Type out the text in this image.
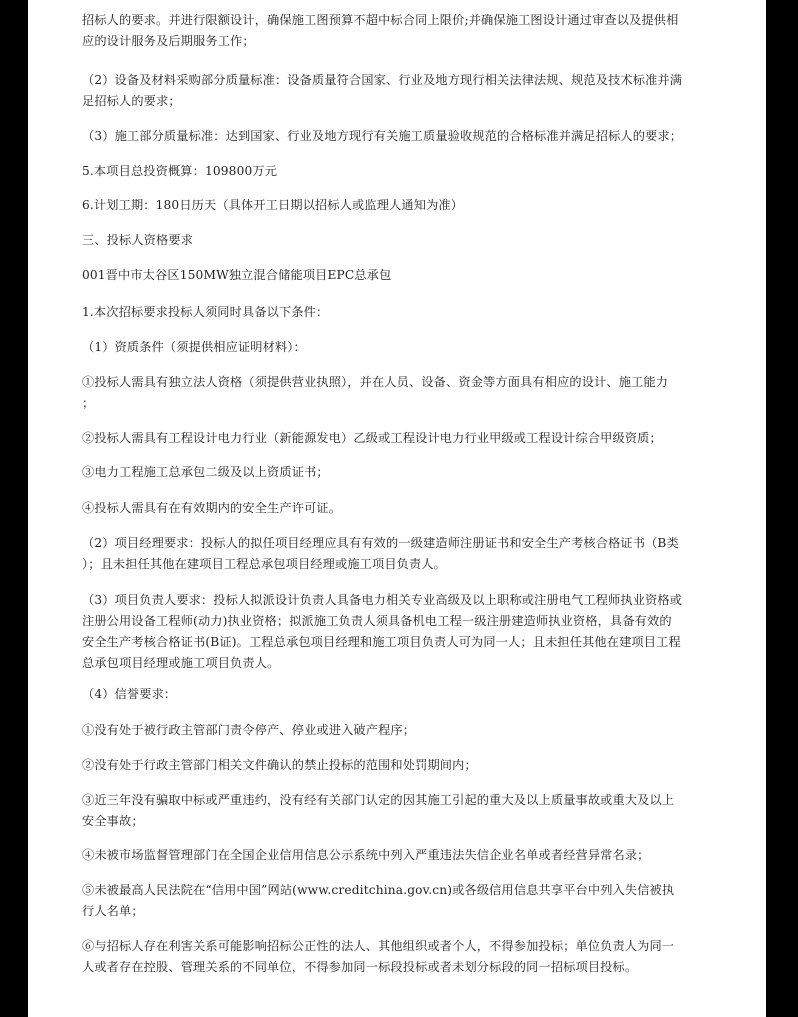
招标人的要求。并进行限额设计，确保施工图预算不超中标合同上限价;并确保施工图设计通过审查以及提供相
应的设计服务及后期服务工作；

（2）设备及材料采购部分质量标准：设备质量符合国家、行业及地方现行相关法律法规、规范及技术标准并满
足招标人的要求；

（3）施工部分质量标准：达到国家、行业及地方现行有关施工质量验收规范的合格标准并满足招标人的要求；

5.本项目总投资概算：109800万元

6.计划工期：180日历天（具体开工日期以招标人或监理人通知为准）

三、投标人资格要求

001晋中市太谷区150MW独立混合储能项目EPC总承包

1.本次招标要求投标人须同时具备以下条件：

（1）资质条件（须提供相应证明材料）：

①投标人需具有独立法人资格（须提供营业执照），并在人员、设备、资金等方面具有相应的设计、施工能力
；

②投标人需具有工程设计电力行业（新能源发电）乙级或工程设计电力行业甲级或工程设计综合甲级资质；

③电力工程施工总承包二级及以上资质证书；

④投标人需具有在有效期内的安全生产许可证。

（2）项目经理要求：投标人的拟任项目经理应具有有效的一级建造师注册证书和安全生产考核合格证书（B类
）；且未担任其他在建项目工程总承包项目经理或施工项目负责人。

（3）项目负责人要求：投标人拟派设计负责人具备电力相关专业高级及以上职称或注册电气工程师执业资格或
注册公用设备工程师(动力)执业资格；拟派施工负责人须具备机电工程一级注册建造师执业资格，具备有效的
安全生产考核合格证书(B证)。工程总承包项目经理和施工项目负责人可为同一人；且未担任其他在建项目工程
总承包项目经理或施工项目负责人。

（4）信誉要求：

①没有处于被行政主管部门责令停产、停业或进入破产程序；

②没有处于行政主管部门相关文件确认的禁止投标的范围和处罚期间内；

③近三年没有骗取中标或严重违约，没有经有关部门认定的因其施工引起的重大及以上质量事故或重大及以上
安全事故；

④未被市场监督管理部门在全国企业信用信息公示系统中列入严重违法失信企业名单或者经营异常名录；

⑤未被最高人民法院在“信用中国”网站(www.creditchina.gov.cn)或各级信用信息共享平台中列入失信被执
行人名单；

⑥与招标人存在利害关系可能影响招标公正性的法人、其他组织或者个人，不得参加投标；单位负责人为同一
人或者存在控股、管理关系的不同单位，不得参加同一标段投标或者未划分标段的同一招标项目投标。
